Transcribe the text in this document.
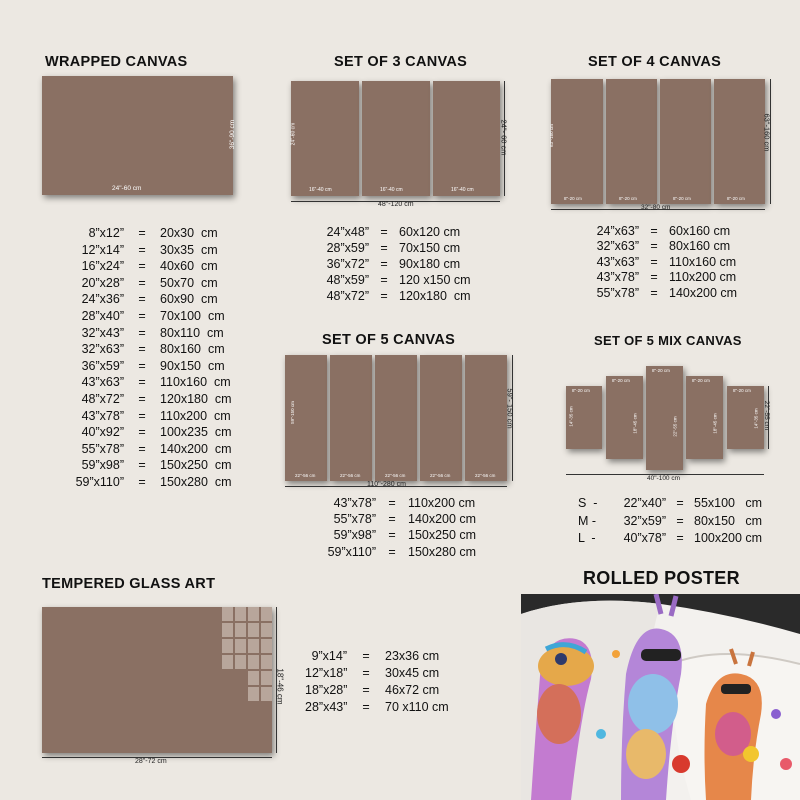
WRAPPED CANVAS
24"-60 cm
36"-90 cm
8”x12” = 20x30  cm
12”x14” = 30x35  cm
16”x24” = 40x60  cm
20”x28” = 50x70  cm
24”x36” = 60x90  cm
28”x40” = 70x100  cm
32”x43” = 80x110  cm
32”x63” = 80x160  cm
36”x59” = 90x150  cm
43”x63” = 110x160  cm
48”x72” = 120x180  cm
43”x78” = 110x200  cm
40”x92” = 100x235  cm
55”x78” = 140x200  cm
59”x98” = 150x250  cm
59”x110” = 150x280  cm
SET OF 3 CANVAS
16"-40 cm
24"-60 cm
16"-40 cm	16"-40 cm
48"-120 cm
24"- 60 cm
24”x48” = 60x120 cm
28”x59” = 70x150 cm
36”x72” = 90x180 cm
48”x59” = 120 x150 cm
48”x72” = 120x180  cm
SET OF 4 CANVAS
8"-20 cm
63"-160 cm
8"-20 cm	8"-20 cm	8"-20 cm
32"-80 cm
63"-160 cm
24”x63” = 60x160 cm
32”x63” = 80x160 cm
43”x63” = 110x160 cm
43”x78” = 110x200 cm
55”x78” = 140x200 cm
SET OF 5 CANVAS
22"-56 cm
59"-150 cm
22"-56 cm	22"-56 cm	22"-56 cm	22"-56 cm
110"-280 cm
59"- 150 cm
43”x78” = 110x200 cm
55”x78” = 140x200 cm
59”x98” = 150x250 cm
59”x110” = 150x280 cm
SET OF 5 MIX CANVAS
8"-20 cm
14"-35 cm
8"-20 cm
18"-45 cm
8"-20 cm
22"-55 cm
8"-20 cm
18"-45 cm
8"-20 cm
14"-35 cm
40"-100 cm
22"-55 cm
S  - 22”x40” = 55x100   cm
M - 32”x59” = 80x150   cm
L  - 40”x78” = 100x200 cm
TEMPERED GLASS ART
28"-72 cm
18"-46 cm
9”x14” = 23x36 cm
12”x18” = 30x45 cm
18”x28” = 46x72 cm
28”x43” = 70 x110 cm
ROLLED POSTER
